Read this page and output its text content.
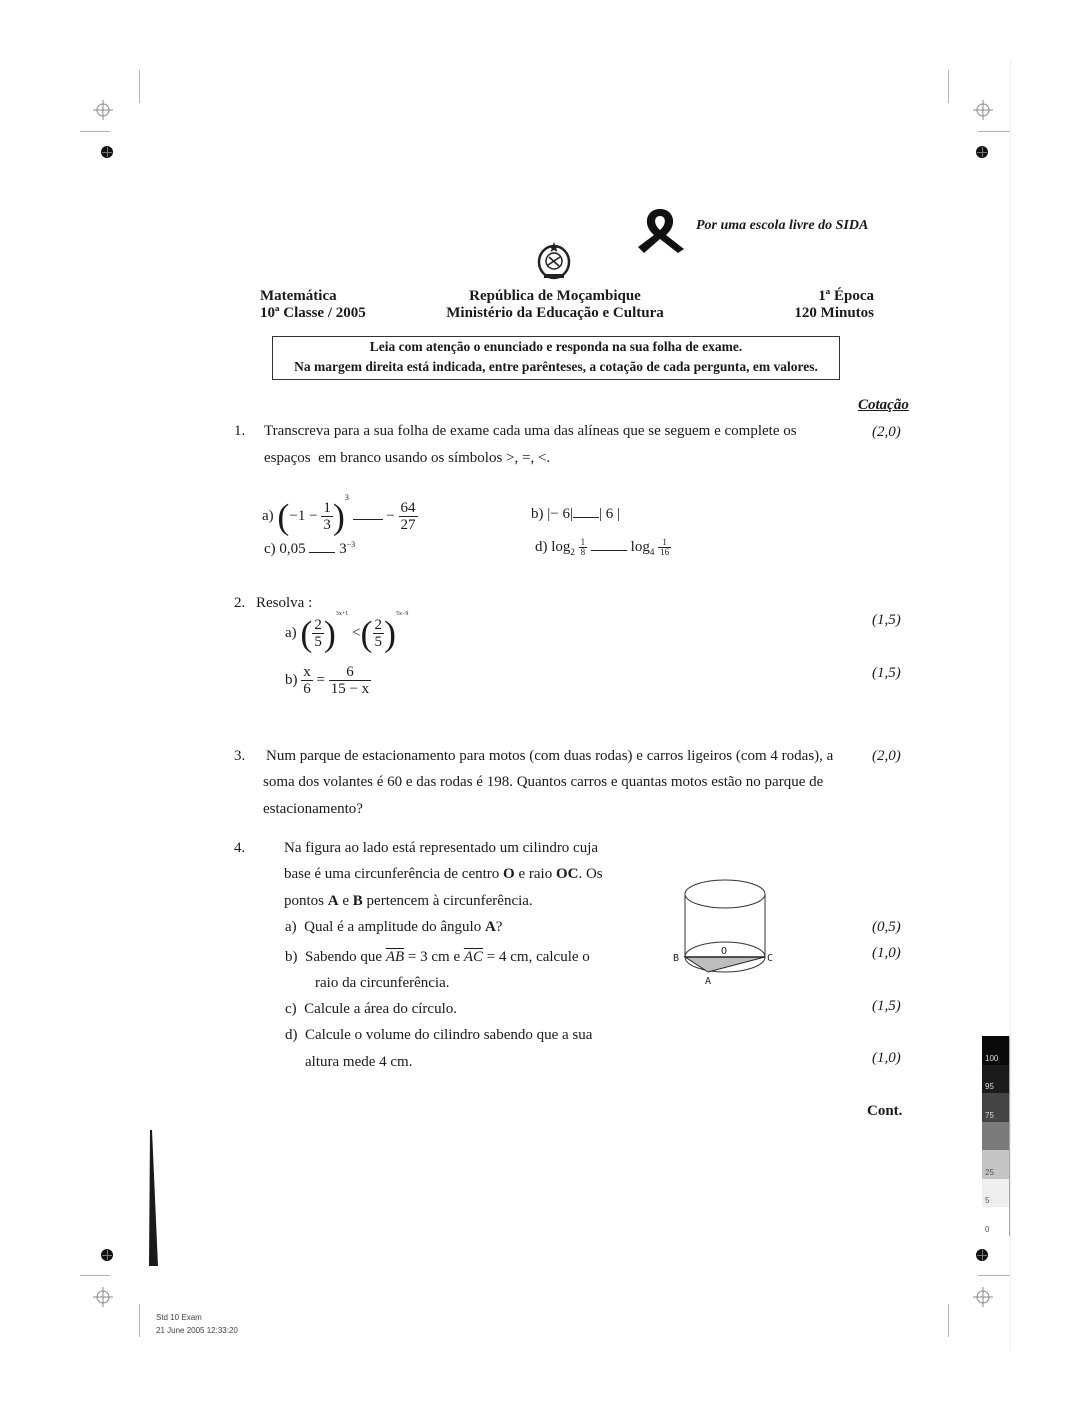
Por uma escola livre do SIDA
Matemática
10ª Classe / 2005
República de Moçambique
Ministério da Educação e Cultura
1ª Época
120 Minutos
Leia com atenção o enunciado e responda na sua folha de exame.
Na margem direita está indicada, entre parênteses, a cotação de cada pergunta, em valores.
Cotação
1. Transcreva para a sua folha de exame cada uma das alíneas que se seguem e complete os
espaços  em branco usando os símbolos >, =, <.
(2,0)
a) $(-1 - \frac{1}{3} )^3 - \frac{64}{27}$	b) |− 6| | 6 |
c) 0,05 $3^{-3}$	d) $\log_2 \frac{1}{8}$	$\log_4 \frac{1}{16}$
2. Resolva :
a) ( $\frac{2}{5} )^{3x+1}$ <( $\frac{2}{5} )^{5x-9}$	(1,5)
$b) \frac{x}{6} = \frac{6}{15 - x}$	(1,5)
3. Num parque de estacionamento para motos (com duas rodas) e carros ligeiros (com 4 rodas), a
soma dos volantes é 60 e das rodas é 198. Quantos carros e quantas motos estão no parque de
estacionamento?
(2,0)
4.	Na figura ao lado está representado um cilindro cuja
base é uma circunferência de centro O e raio OC. Os
pontos A e B pertencem à circunferência.
a) Qual é a amplitude do ângulo A?	(0,5)
b) Sabendo que $\overline{AB} = 3$ cm e $\overline{AC} = 4$ cm, calcule o
raio da circunferência.
(1,0)
c) Calcule a área do círculo.	(1,5)
d) Calcule o volume do cilindro sabendo que a sua
altura mede 4 cm.	(1,0)
B
O
C
A
Cont.
100
95
75
25
5
0
Std 10 Exam
21 June 2005 12:33:20
